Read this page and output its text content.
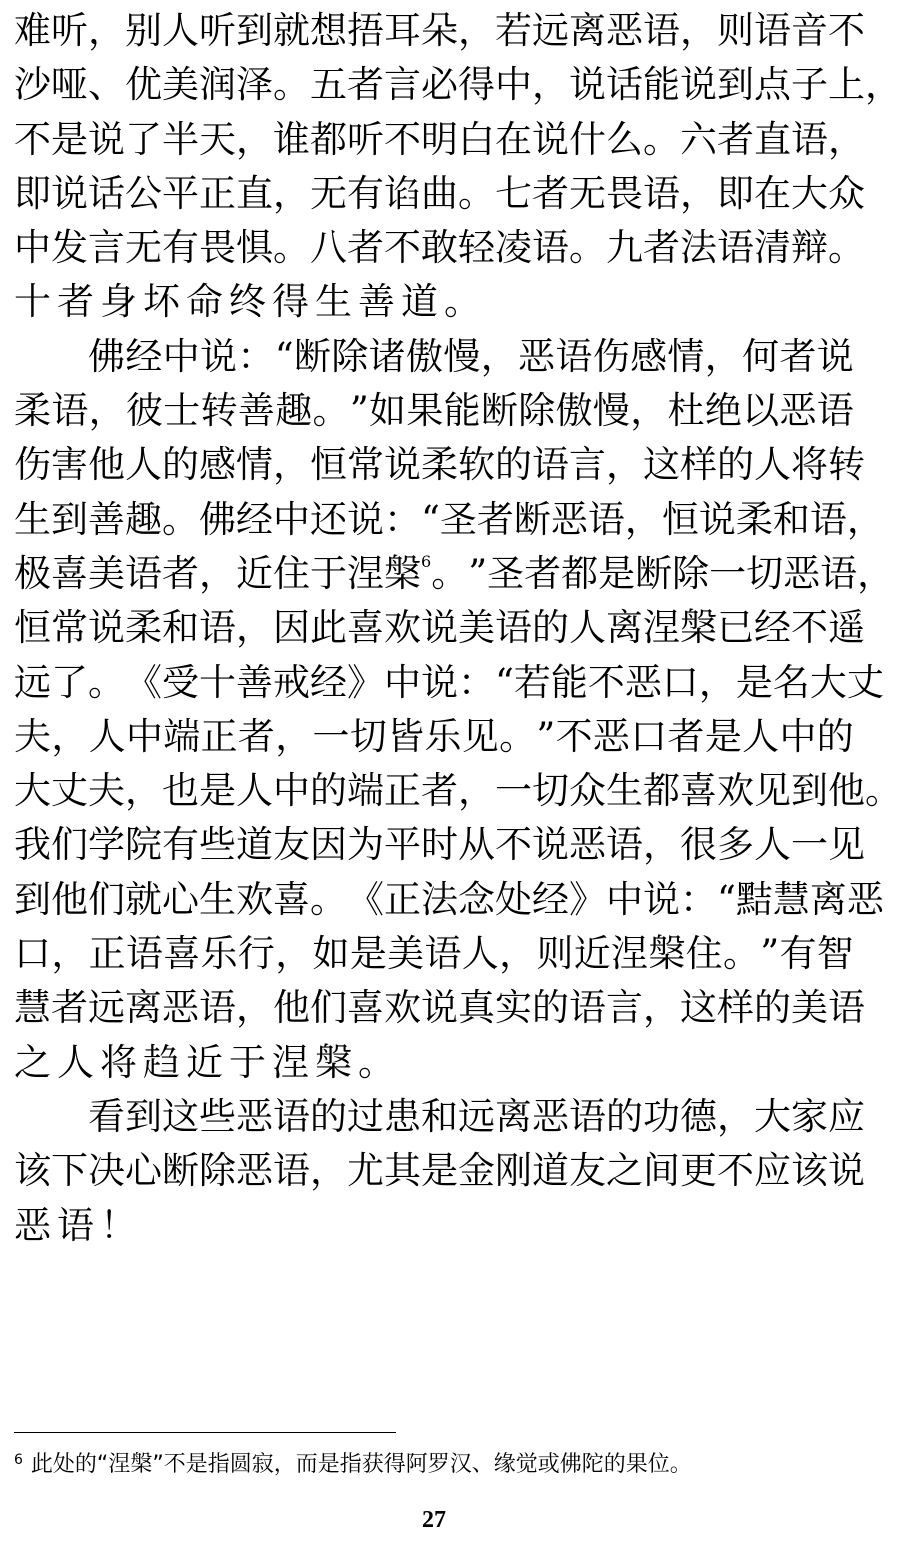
难 听 ， 别 人 听 到 就 想 捂 耳 朵 ， 若 远 离 恶 语 ， 则 语 音 不
沙 哑 、 优 美 润 泽 。 五 者 言 必 得 中 ， 说 话 能 说 到 点 子 上 ，
不 是 说 了 半 天 ， 谁 都 听 不 明 白 在 说 什 么 。 六 者 直 语 ，
即 说 话 公 平 正 直 ， 无 有 谄 曲 。 七 者 无 畏 语 ， 即 在 大 众
中 发 言 无 有 畏 惧 。 八 者 不 敢 轻 凌 语 。 九 者 法 语 清 辩 。
十 者 身 坏 命 终 得 生 善 道 。
佛 经 中 说 ： “ 断 除 诸 傲 慢 ， 恶 语 伤 感 情 ， 何 者 说
柔 语 ， 彼 士 转 善 趣 。 ” 如 果 能 断 除 傲 慢 ， 杜 绝 以 恶 语
伤 害 他 人 的 感 情 ， 恒 常 说 柔 软 的 语 言 ， 这 样 的 人 将 转
生 到 善 趣 。 佛 经 中 还 说 ： “ 圣 者 断 恶 语 ， 恒 说 柔 和 语 ，
极 喜 美 语 者 ， 近 住 于 涅 槃 6 。 ” 圣 者 都 是 断 除 一 切 恶 语 ，
恒 常 说 柔 和 语 ， 因 此 喜 欢 说 美 语 的 人 离 涅 槃 已 经 不 遥
远 了 。 《 受 十 善 戒 经 》 中 说 ： “ 若 能 不 恶 口 ， 是 名 大 丈
夫 ， 人 中 端 正 者 ， 一 切 皆 乐 见 。 ” 不 恶 口 者 是 人 中 的
大 丈 夫 ， 也 是 人 中 的 端 正 者 ， 一 切 众 生 都 喜 欢 见 到 他 。
我 们 学 院 有 些 道 友 因 为 平 时 从 不 说 恶 语 ， 很 多 人 一 见
到 他 们 就 心 生 欢 喜 。 《 正 法 念 处 经 》 中 说 ： “ 黠 慧 离 恶
口 ， 正 语 喜 乐 行 ， 如 是 美 语 人 ， 则 近 涅 槃 住 。 ” 有 智
慧 者 远 离 恶 语 ， 他 们 喜 欢 说 真 实 的 语 言 ， 这 样 的 美 语
之 人 将 趋 近 于 涅 槃 。
看 到 这 些 恶 语 的 过 患 和 远 离 恶 语 的 功 德 ， 大 家 应
该 下 决 心 断 除 恶 语 ， 尤 其 是 金 刚 道 友 之 间 更 不 应 该 说
恶 语 ！
$^6$ 此处的“涅槃”不是指圆寂，而是指获得阿罗汉、缘觉或佛陀的果位。
27
